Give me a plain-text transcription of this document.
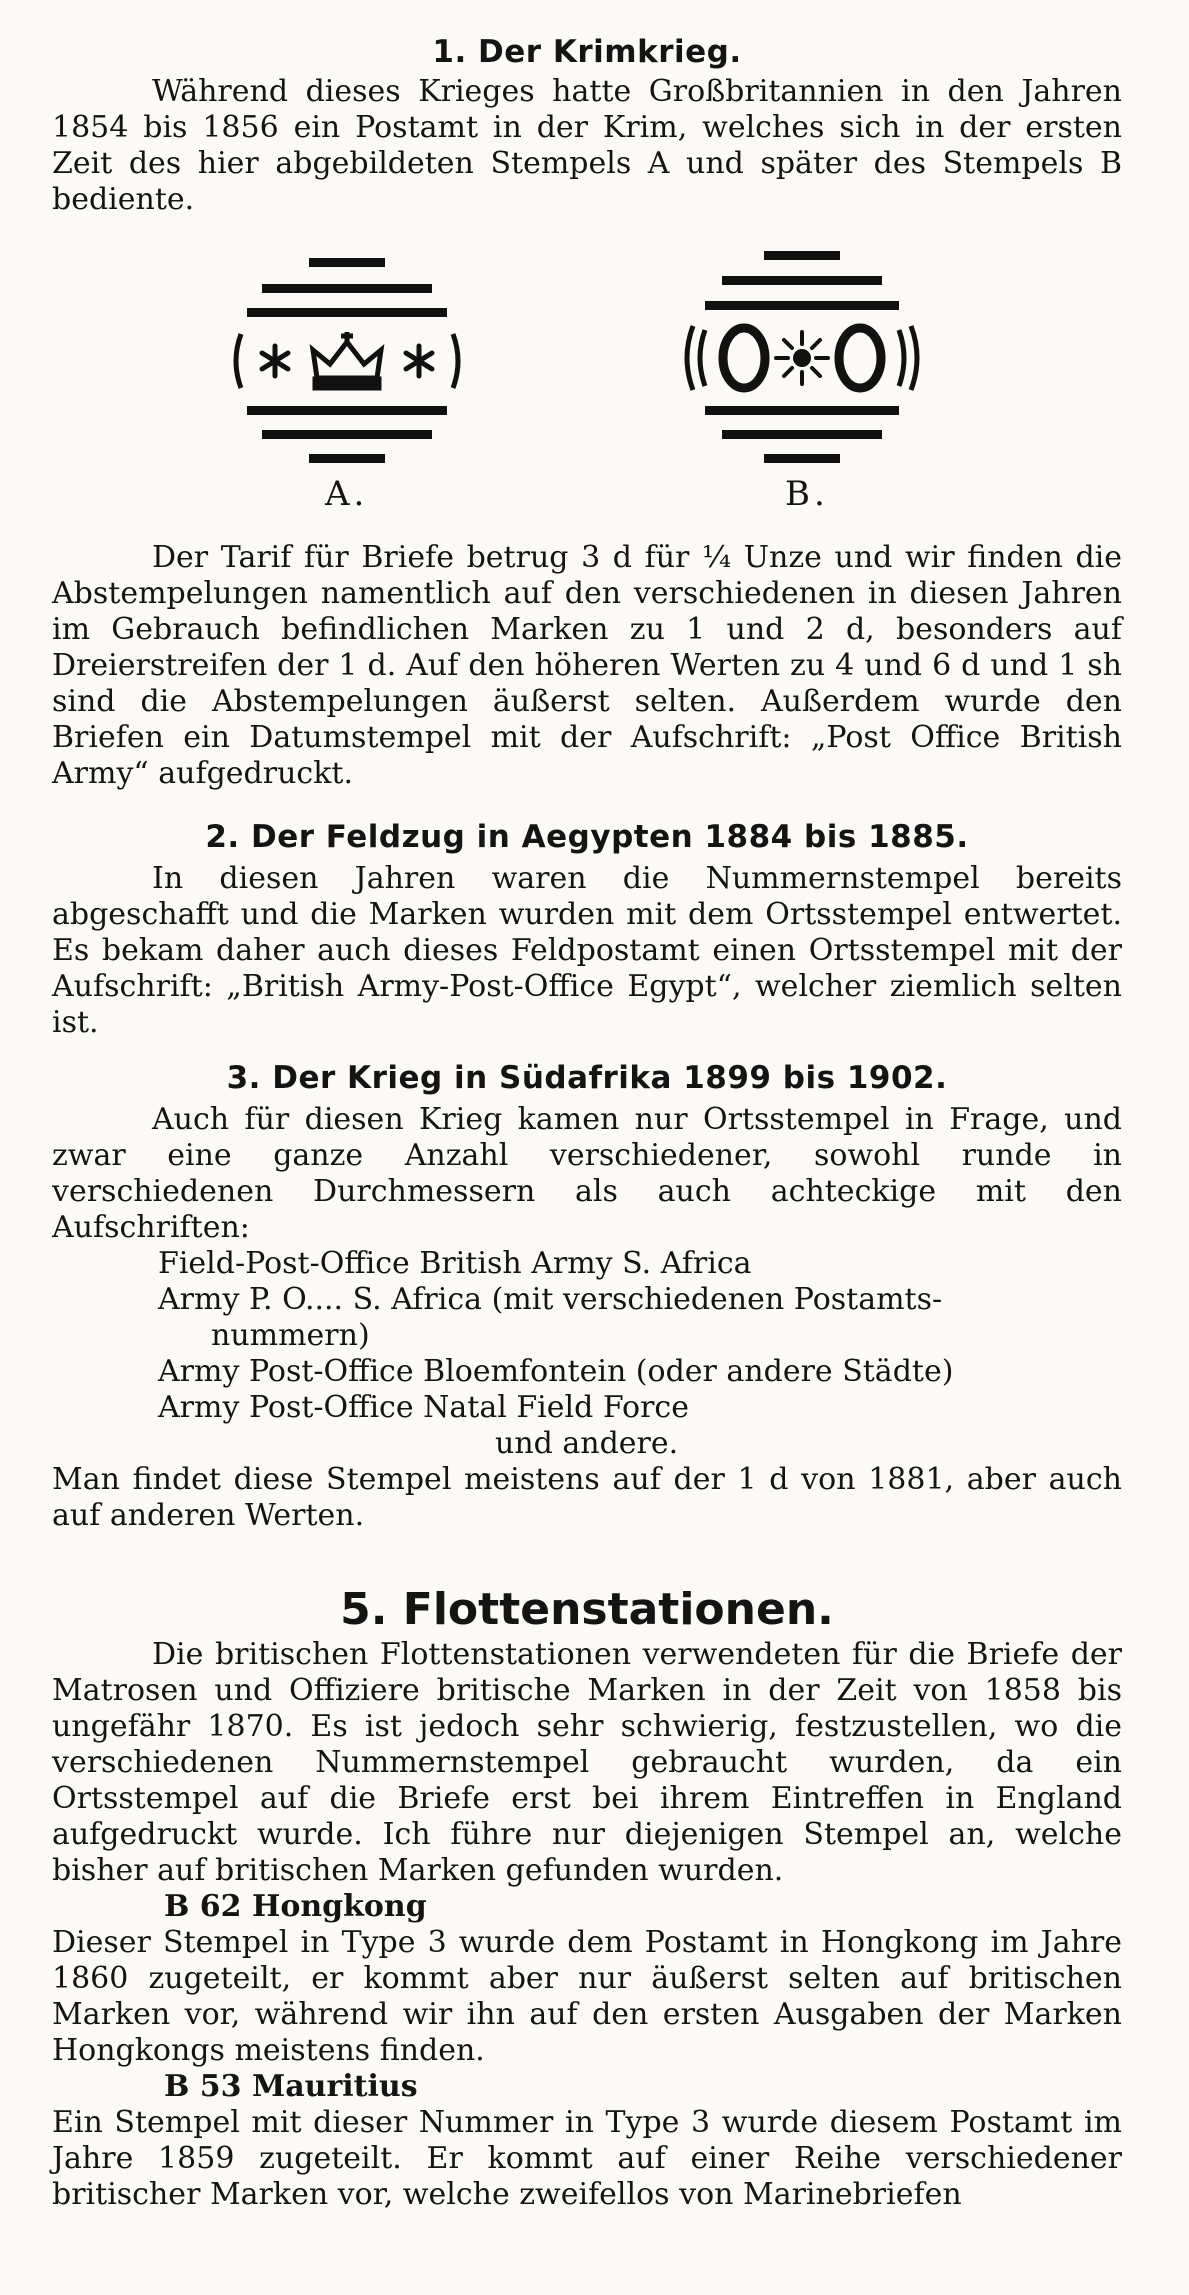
1. Der Krimkrieg.

Während dieses Krieges hatte Großbritannien in den Jahren 1854 bis 1856 ein Postamt in der Krim, welches sich in der ersten Zeit des hier abgebildeten Stempels A und später des Stempels B bediente.

A.	B.

Der Tarif für Briefe betrug 3 d für ¼ Unze und wir finden die Abstempelungen namentlich auf den verschiedenen in diesen Jahren im Gebrauch befindlichen Marken zu 1 und 2 d, besonders auf Dreierstreifen der 1 d. Auf den höheren Werten zu 4 und 6 d und 1 sh sind die Abstempelungen äußerst selten. Außerdem wurde den Briefen ein Datumstempel mit der Aufschrift: „Post Office British Army“ aufgedruckt.

2. Der Feldzug in Aegypten 1884 bis 1885.

In diesen Jahren waren die Nummernstempel bereits abgeschafft und die Marken wurden mit dem Ortsstempel entwertet. Es bekam daher auch dieses Feldpostamt einen Ortsstempel mit der Aufschrift: „British Army-Post-Office Egypt“, welcher ziemlich selten ist.

3. Der Krieg in Südafrika 1899 bis 1902.

Auch für diesen Krieg kamen nur Ortsstempel in Frage, und zwar eine ganze Anzahl verschiedener, sowohl runde in verschiedenen Durchmessern als auch achteckige mit den Aufschriften:

Field-Post-Office British Army S. Africa
Army P. O.... S. Africa (mit verschiedenen Postamts-
nummern)
Army Post-Office Bloemfontein (oder andere Städte)
Army Post-Office Natal Field Force
und andere.

Man findet diese Stempel meistens auf der 1 d von 1881, aber auch auf anderen Werten.

5. Flottenstationen.

Die britischen Flottenstationen verwendeten für die Briefe der Matrosen und Offiziere britische Marken in der Zeit von 1858 bis ungefähr 1870. Es ist jedoch sehr schwierig, festzustellen, wo die verschiedenen Nummernstempel gebraucht wurden, da ein Ortsstempel auf die Briefe erst bei ihrem Eintreffen in England aufgedruckt wurde. Ich führe nur diejenigen Stempel an, welche bisher auf britischen Marken gefunden wurden.

B 62 Hongkong

Dieser Stempel in Type 3 wurde dem Postamt in Hongkong im Jahre 1860 zugeteilt, er kommt aber nur äußerst selten auf britischen Marken vor, während wir ihn auf den ersten Ausgaben der Marken Hongkongs meistens finden.

B 53 Mauritius

Ein Stempel mit dieser Nummer in Type 3 wurde diesem Postamt im Jahre 1859 zugeteilt. Er kommt auf einer Reihe verschiedener britischer Marken vor, welche zweifellos von Marinebriefen
